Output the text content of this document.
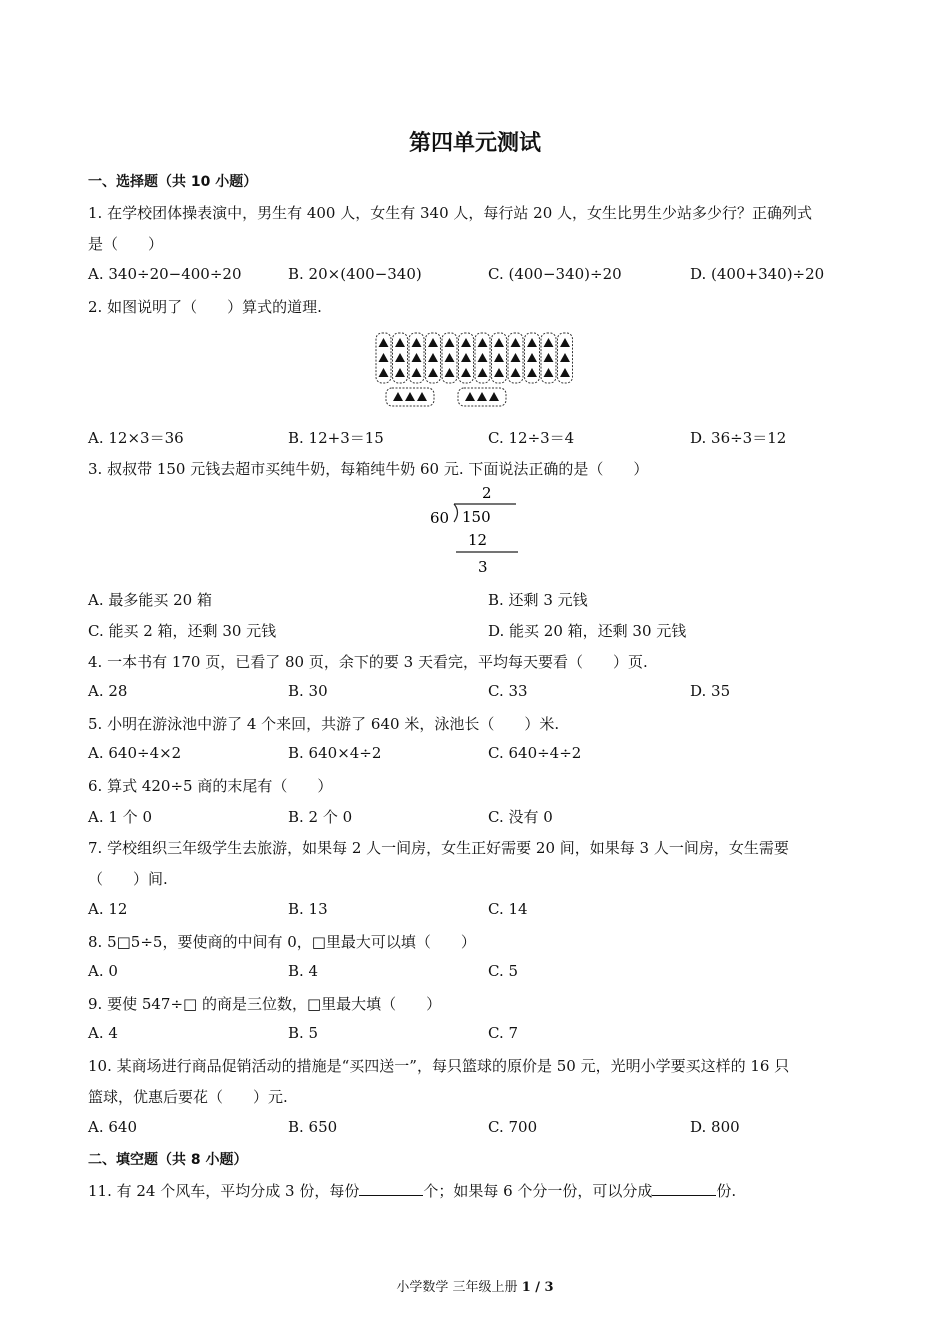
第四单元测试
一、选择题（共 10 小题）
1. 在学校团体操表演中，男生有 400 人，女生有 340 人，每行站 20 人，女生比男生少站多少行？正确列式
是（　　）
A. 340÷20−400÷20	B. 20×(400−340)	C. (400−340)÷20	D. (400+340)÷20
2. 如图说明了（　　）算式的道理.
A. 12×3＝36	B. 12+3＝15	C. 12÷3＝4	D. 36÷3＝12
3. 叔叔带 150 元钱去超市买纯牛奶，每箱纯牛奶 60 元. 下面说法正确的是（　　）
2
60 150
12
3
A. 最多能买 20 箱	B. 还剩 3 元钱
C. 能买 2 箱，还剩 30 元钱	D. 能买 20 箱，还剩 30 元钱
4. 一本书有 170 页，已看了 80 页，余下的要 3 天看完，平均每天要看（　　）页.
A. 28	B. 30	C. 33	D. 35
5. 小明在游泳池中游了 4 个来回，共游了 640 米，泳池长（　　）米.
A. 640÷4×2	B. 640×4÷2	C. 640÷4÷2
6. 算式 420÷5 商的末尾有（　　）
A. 1 个 0	B. 2 个 0	C. 没有 0
7. 学校组织三年级学生去旅游，如果每 2 人一间房，女生正好需要 20 间，如果每 3 人一间房，女生需要
（　　）间.
A. 12	B. 13	C. 14
8. 5□5÷5，要使商的中间有 0，□里最大可以填（　　）
A. 0	B. 4	C. 5
9. 要使 547÷□ 的商是三位数，□里最大填（　　）
A. 4	B. 5	C. 7
10. 某商场进行商品促销活动的措施是“买四送一”，每只篮球的原价是 50 元，光明小学要买这样的 16 只
篮球，优惠后要花（　　）元.
A. 640	B. 650	C. 700	D. 800
二、填空题（共 8 小题）
11. 有 24 个风车，平均分成 3 份，每份	个；如果每 6 个分一份，可以分成	份.
小学数学 三年级上册 1 / 3
